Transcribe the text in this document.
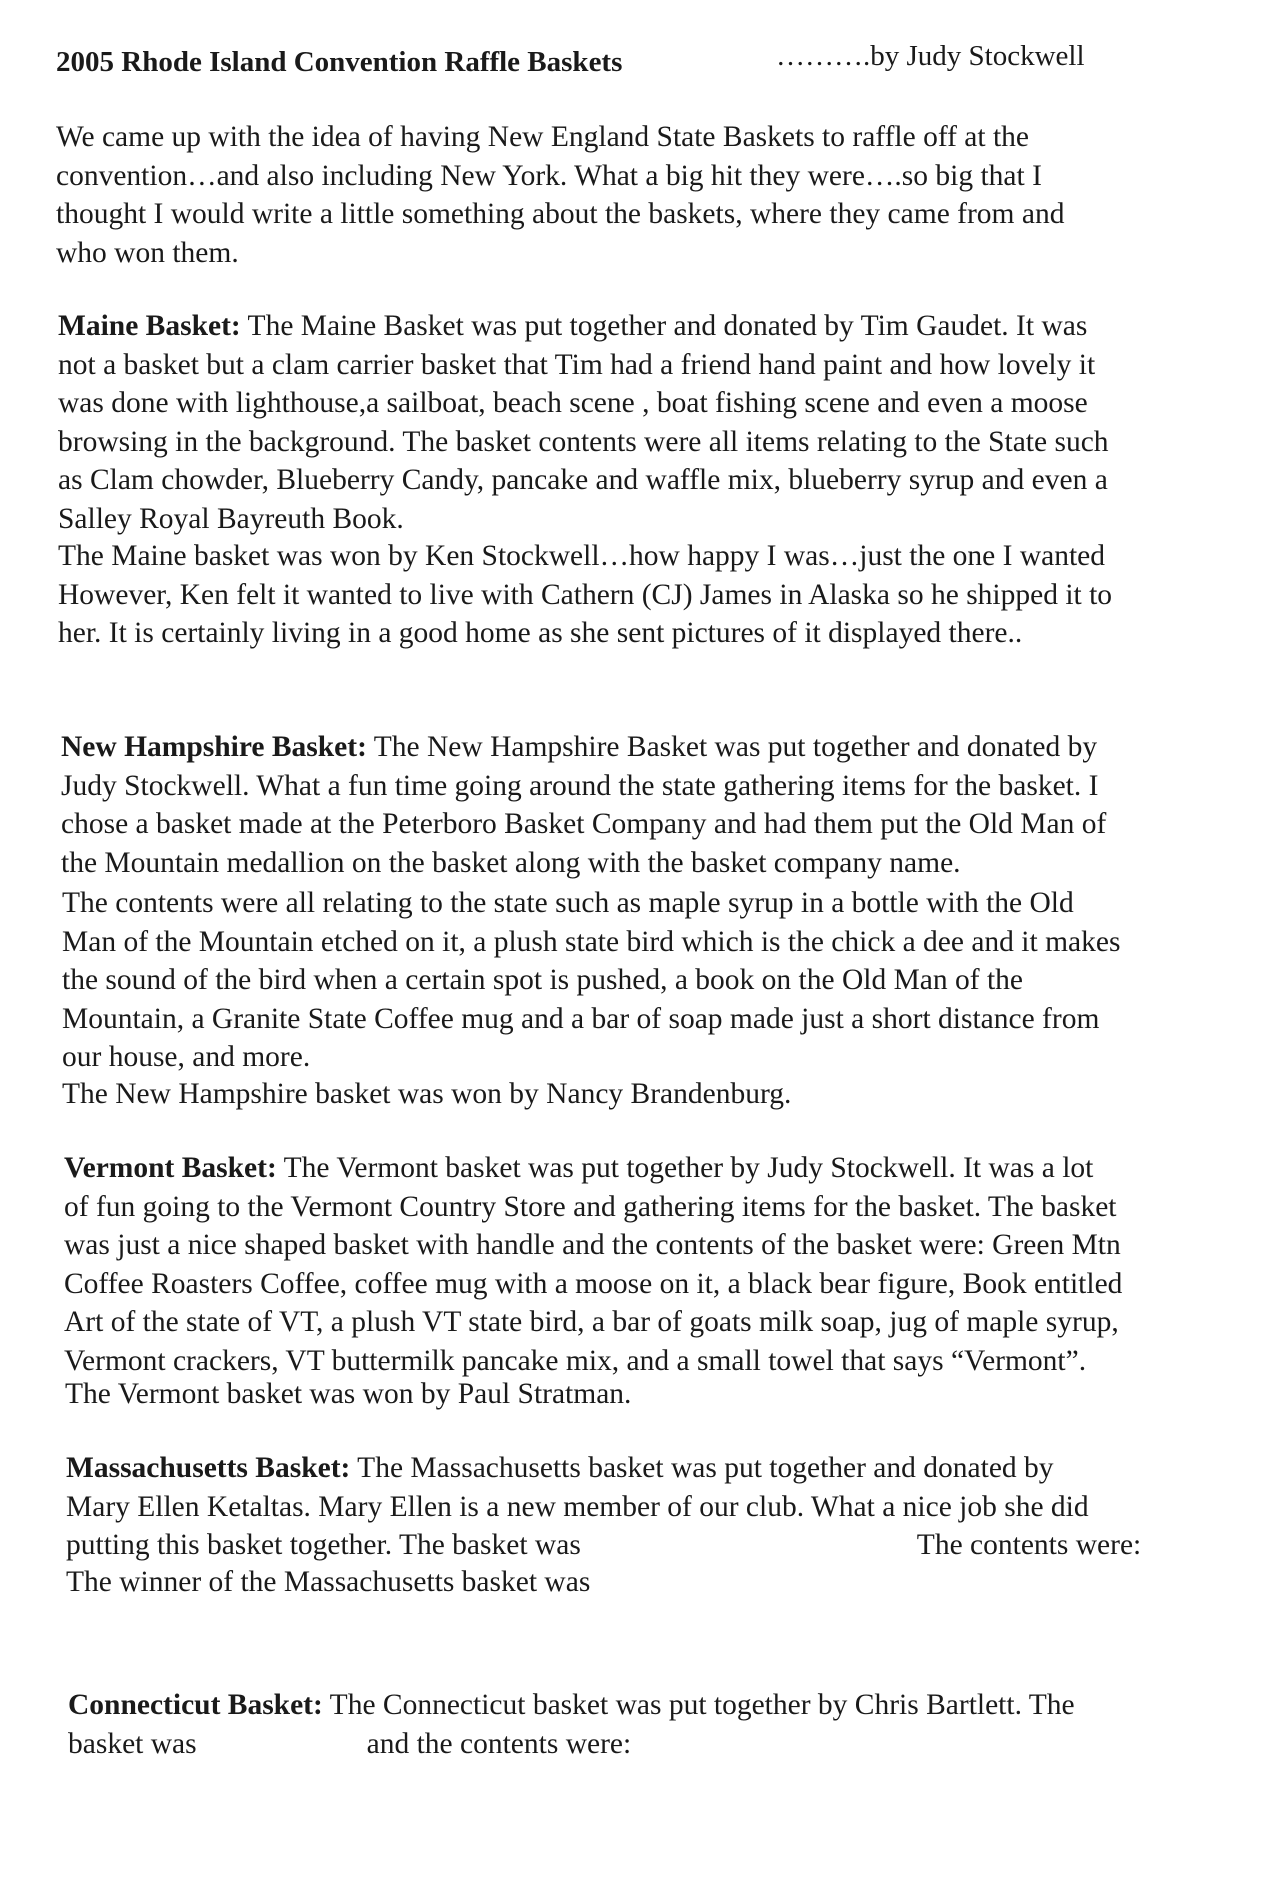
2005 Rhode Island Convention Raffle Baskets	……….by Judy Stockwell
We came up with the idea of having New England State Baskets to raffle off at the
convention…and also including New York. What a big hit they were….so big that I
thought I would write a little something about the baskets, where they came from and
who won them.
Maine Basket: The Maine Basket was put together and donated by Tim Gaudet. It was
not a basket but a clam carrier basket that Tim had a friend hand paint and how lovely it
was done with lighthouse,a sailboat, beach scene , boat fishing scene and even a moose
browsing in the background. The basket contents were all items relating to the State such
as Clam chowder, Blueberry Candy, pancake and waffle mix, blueberry syrup and even a
Salley Royal Bayreuth Book.
The Maine basket was won by Ken Stockwell…how happy I was…just the one I wanted
However, Ken felt it wanted to live with Cathern (CJ) James in Alaska so he shipped it to
her. It is certainly living in a good home as she sent pictures of it displayed there..
New Hampshire Basket: The New Hampshire Basket was put together and donated by
Judy Stockwell. What a fun time going around the state gathering items for the basket. I
chose a basket made at the Peterboro Basket Company and had them put the Old Man of
the Mountain medallion on the basket along with the basket company name.
The contents were all relating to the state such as maple syrup in a bottle with the Old
Man of the Mountain etched on it, a plush state bird which is the chick a dee and it makes
the sound of the bird when a certain spot is pushed, a book on the Old Man of the
Mountain, a Granite State Coffee mug and a bar of soap made just a short distance from
our house, and more.
The New Hampshire basket was won by Nancy Brandenburg.
Vermont Basket: The Vermont basket was put together by Judy Stockwell. It was a lot
of fun going to the Vermont Country Store and gathering items for the basket. The basket
was just a nice shaped basket with handle and the contents of the basket were: Green Mtn
Coffee Roasters Coffee, coffee mug with a moose on it, a black bear figure, Book entitled
Art of the state of VT, a plush VT state bird, a bar of goats milk soap, jug of maple syrup,
Vermont crackers, VT buttermilk pancake mix, and a small towel that says “Vermont”.
The Vermont basket was won by Paul Stratman.
Massachusetts Basket: The Massachusetts basket was put together and donated by
Mary Ellen Ketaltas. Mary Ellen is a new member of our club. What a nice job she did
putting this basket together. The basket was	The contents were:
The winner of the Massachusetts basket was
Connecticut Basket: The Connecticut basket was put together by Chris Bartlett. The
basket was	and the contents were:
